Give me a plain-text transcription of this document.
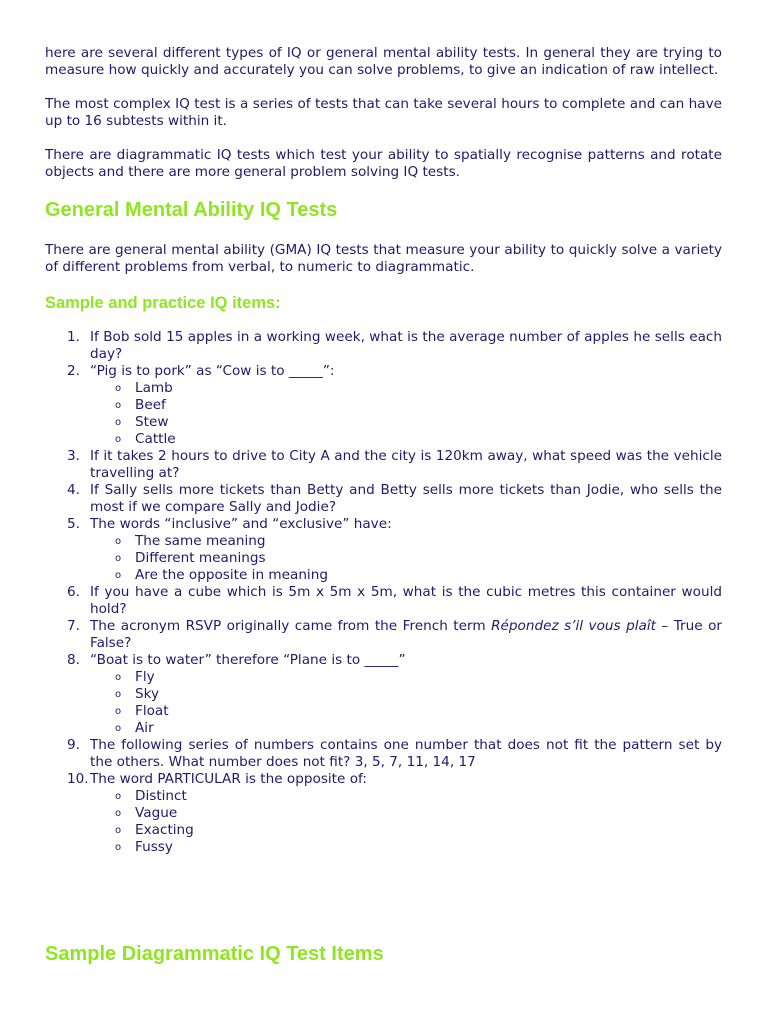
here are several different types of IQ or general mental ability tests. In general they are trying to measure how quickly and accurately you can solve problems, to give an indication of raw intellect.

The most complex IQ test is a series of tests that can take several hours to complete and can have up to 16 subtests within it.

There are diagrammatic IQ tests which test your ability to spatially recognise patterns and rotate objects and there are more general problem solving IQ tests.

General Mental Ability IQ Tests

There are general mental ability (GMA) IQ tests that measure your ability to quickly solve a variety of different problems from verbal, to numeric to diagrammatic.

Sample and practice IQ items:
1. If Bob sold 15 apples in a working week, what is the average number of apples he sells each day?
2. “Pig is to pork” as “Cow is to _____”:
o Lamb
o Beef
o Stew
o Cattle
3. If it takes 2 hours to drive to City A and the city is 120km away, what speed was the vehicle travelling at?
4. If Sally sells more tickets than Betty and Betty sells more tickets than Jodie, who sells the most if we compare Sally and Jodie?
5. The words “inclusive” and “exclusive” have:
o The same meaning
o Different meanings
o Are the opposite in meaning
6. If you have a cube which is 5m x 5m x 5m, what is the cubic metres this container would hold?
7. The acronym RSVP originally came from the French term Répondez s’il vous plaît – True or False?
8. “Boat is to water” therefore “Plane is to _____”
o Fly
o Sky
o Float
o Air
9. The following series of numbers contains one number that does not fit the pattern set by the others. What number does not fit? 3, 5, 7, 11, 14, 17
10. The word PARTICULAR is the opposite of:
o Distinct
o Vague
o Exacting
o Fussy
Sample Diagrammatic IQ Test Items
